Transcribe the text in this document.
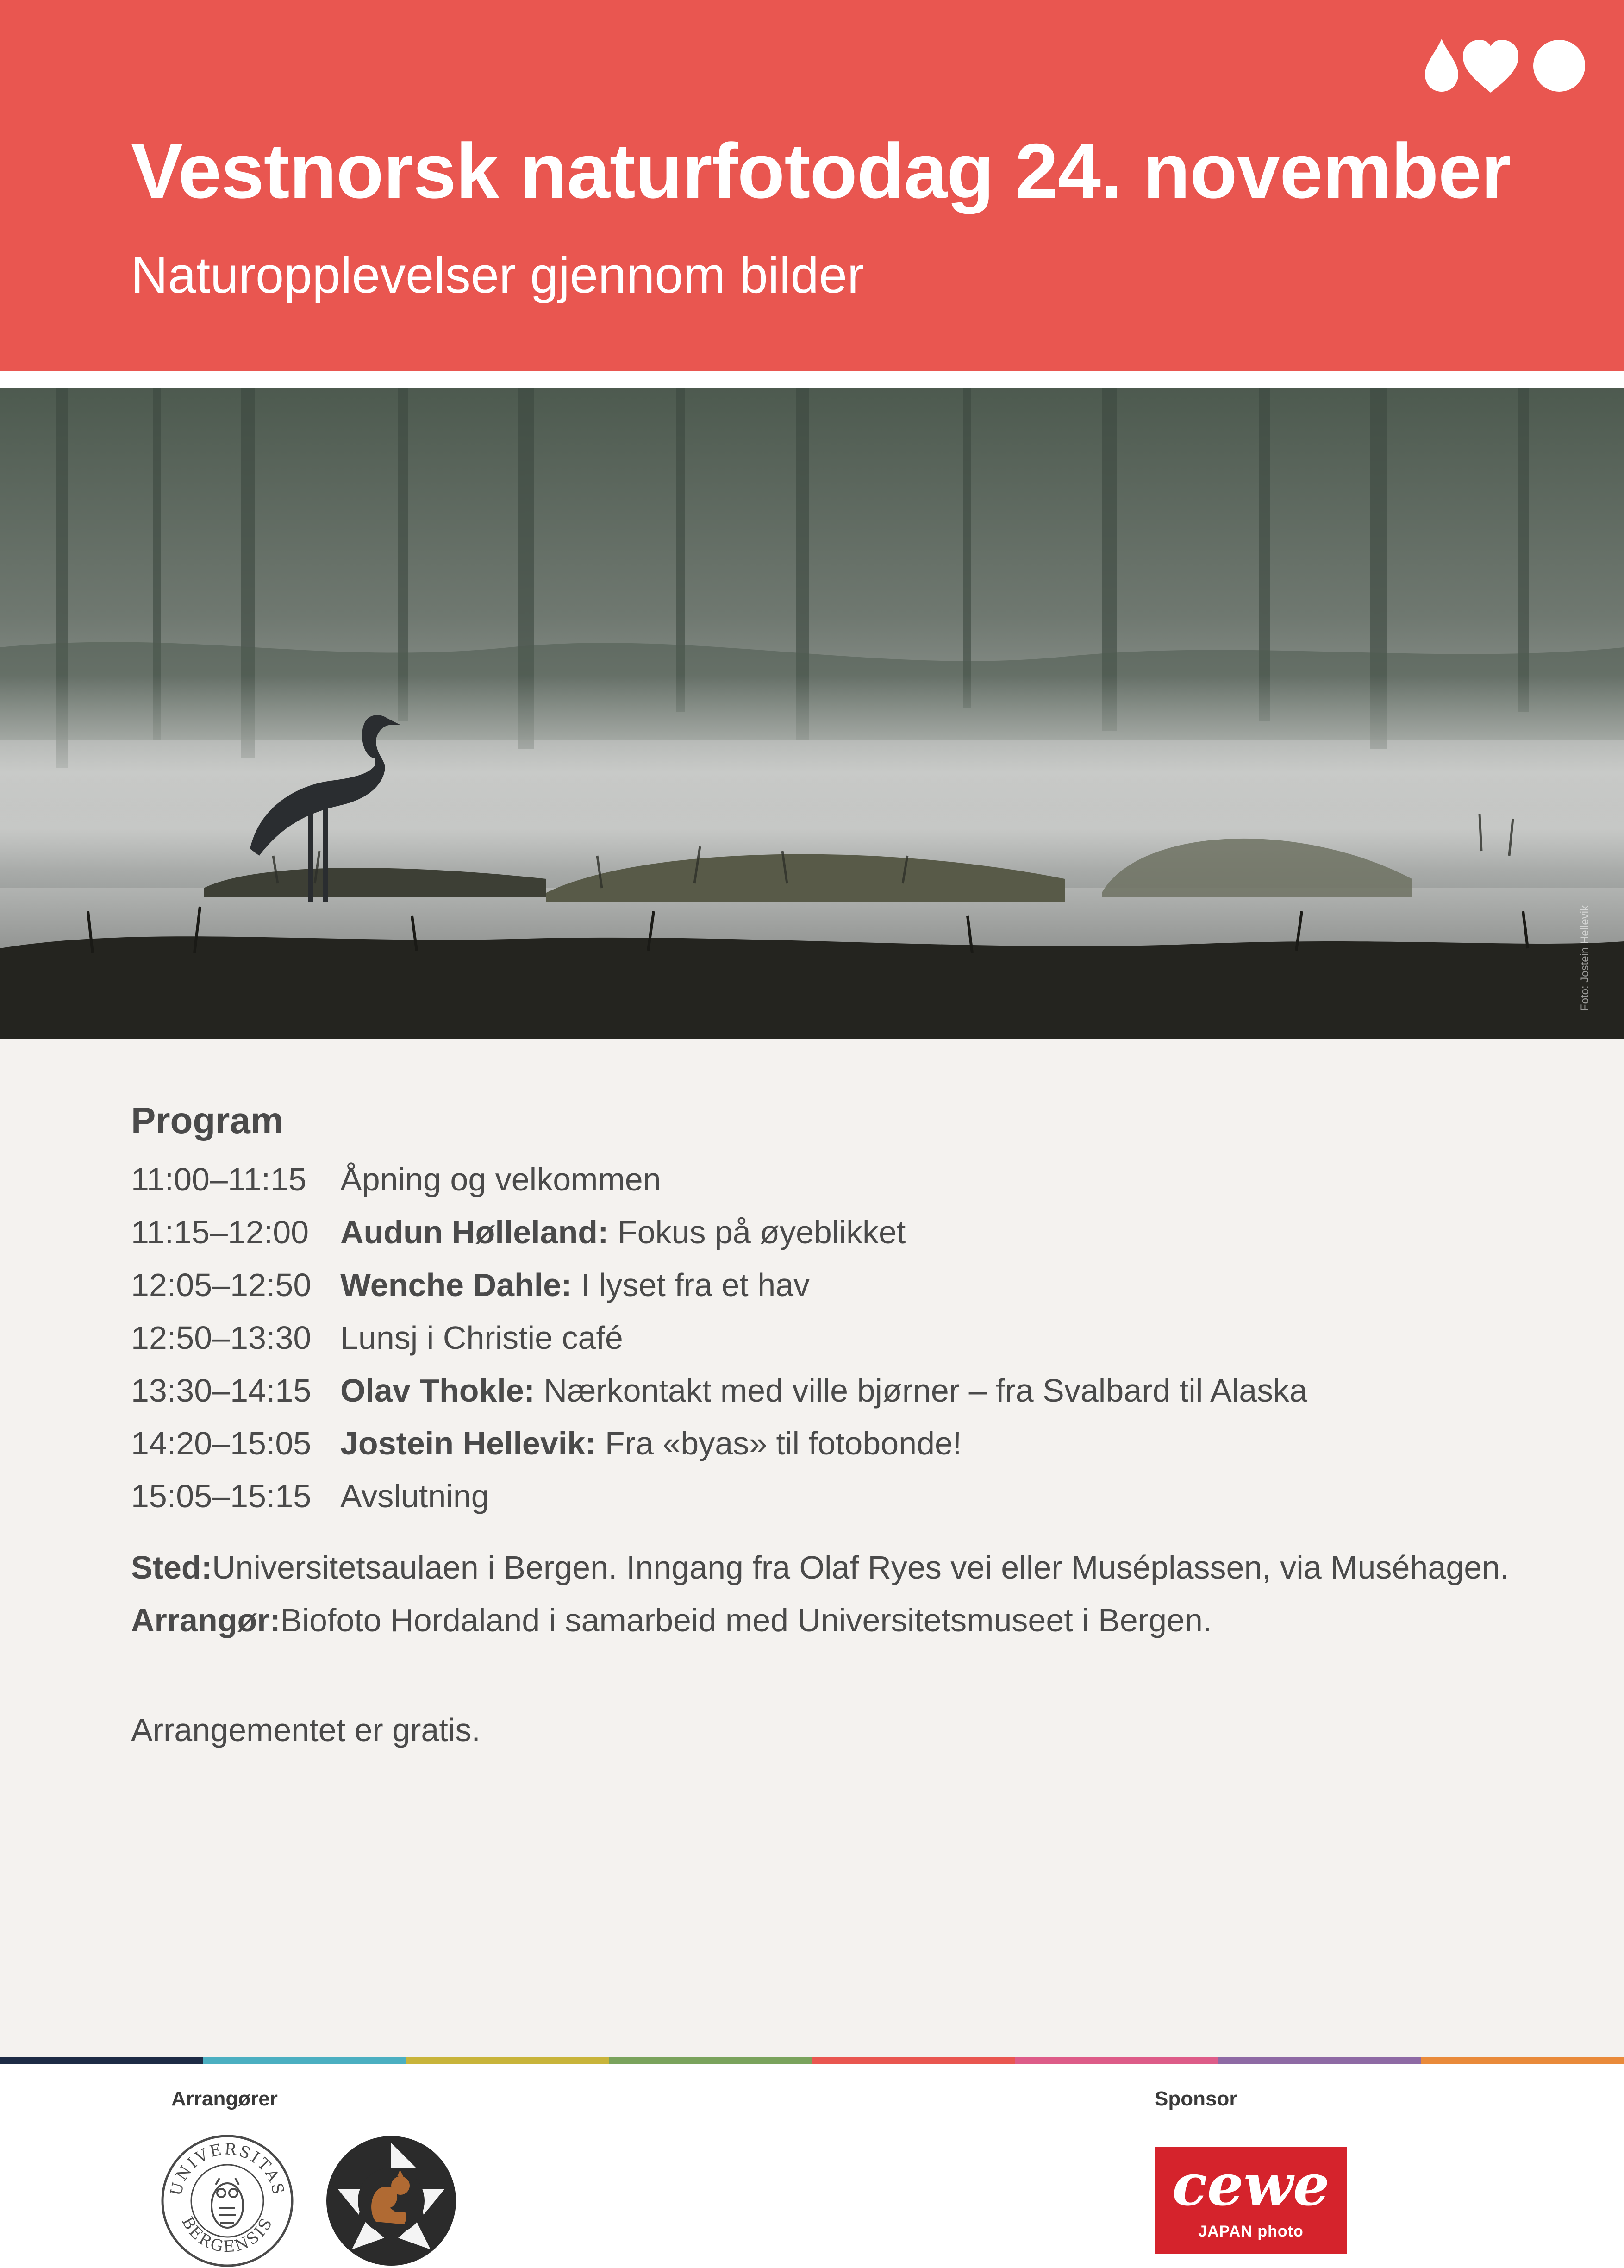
Vestnorsk naturfotodag 24. november

Naturopplevelser gjennom bilder

Foto: Jostein Hellevik
Program
11:00–11:15	Åpning og velkommen
11:15–12:00 Audun Hølleland: Fokus på øyeblikket
12:05–12:50 Wenche Dahle: I lyset fra et hav
12:50–13:30 Lunsj i Christie café
13:30–14:15 Olav Thokle: Nærkontakt med ville bjørner – fra Svalbard til Alaska
14:20–15:05 Jostein Hellevik: Fra «byas» til fotobonde!
15:05–15:15 Avslutning
Sted: Universitetsaulaen i Bergen. Inngang fra Olaf Ryes vei eller Muséplassen, via Muséhagen.
Arrangør: Biofoto Hordaland i samarbeid med Universitetsmuseet i Bergen.
Arrangementet er gratis.
Arrangører	Sponsor
UNIVERSITAS
BERGENSIS
cewe
JAPAN photo
